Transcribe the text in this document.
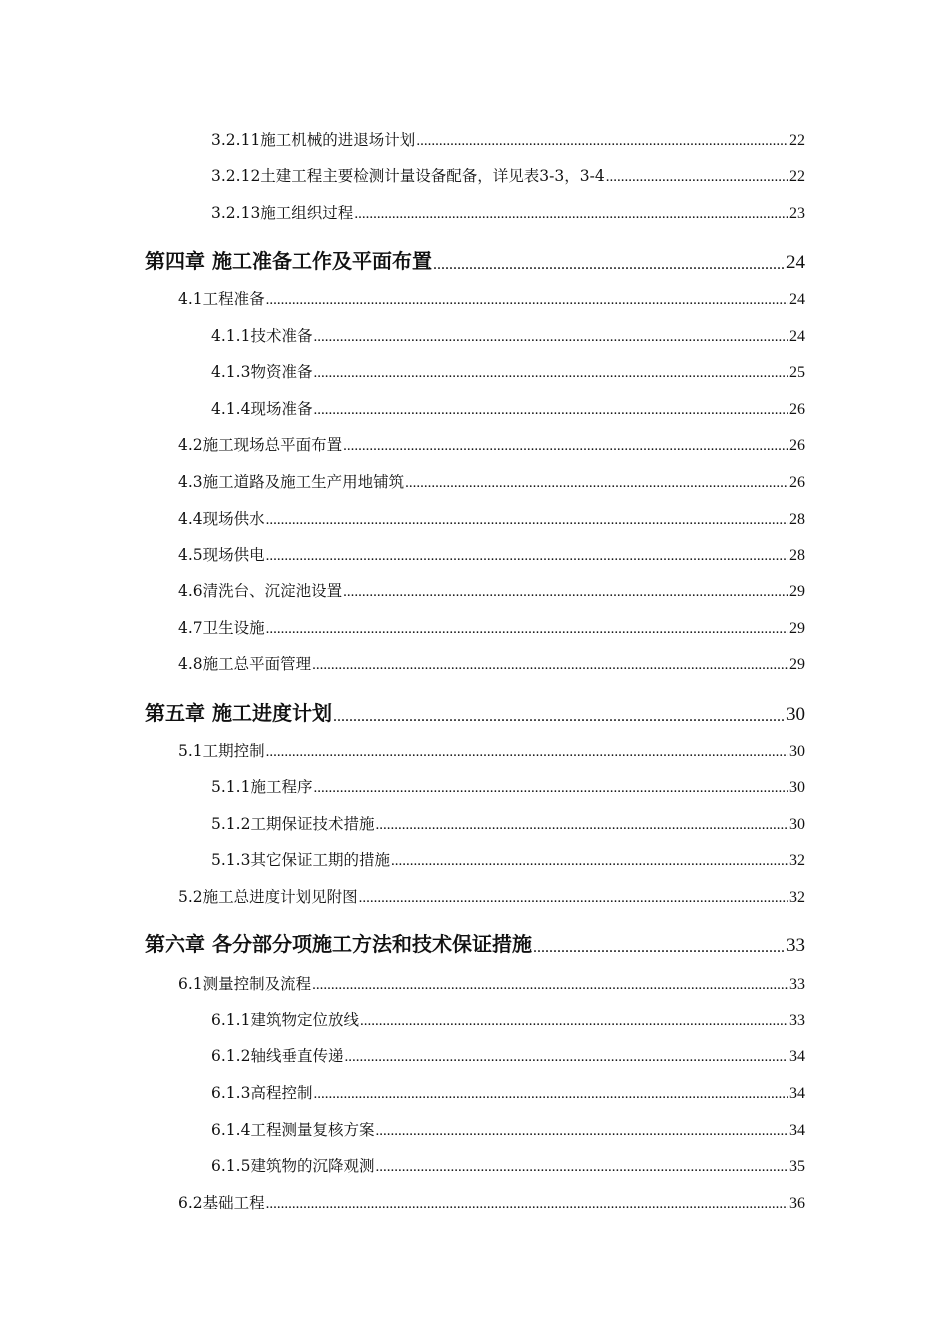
3.2.11施工机械的进退场计划 .....	22
3.2.12土建工程主要检测计量设备配备，详见表3-3，3-4 .....	22
3.2.13施工组织过程 .....	23
第四章 施工准备工作及平面布置 .....	24
4.1工程准备 .....	24
4.1.1技术准备 .....	24
4.1.3物资准备 .....	25
4.1.4现场准备 .....	26
4.2施工现场总平面布置 .....	26
4.3施工道路及施工生产用地铺筑 .....	26
4.4现场供水 .....	28
4.5现场供电 .....	28
4.6清洗台、沉淀池设置 .....	29
4.7卫生设施 .....	29
4.8施工总平面管理 .....	29
第五章 施工进度计划 .....	30
5.1工期控制 .....	30
5.1.1施工程序 .....	30
5.1.2工期保证技术措施 .....	30
5.1.3其它保证工期的措施 .....	32
5.2施工总进度计划见附图 .....	32
第六章 各分部分项施工方法和技术保证措施 .....	33
6.1测量控制及流程 .....	33
6.1.1建筑物定位放线 .....	33
6.1.2轴线垂直传递 .....	34
6.1.3高程控制 .....	34
6.1.4工程测量复核方案 .....	34
6.1.5建筑物的沉降观测 .....	35
6.2基础工程 .....	36
